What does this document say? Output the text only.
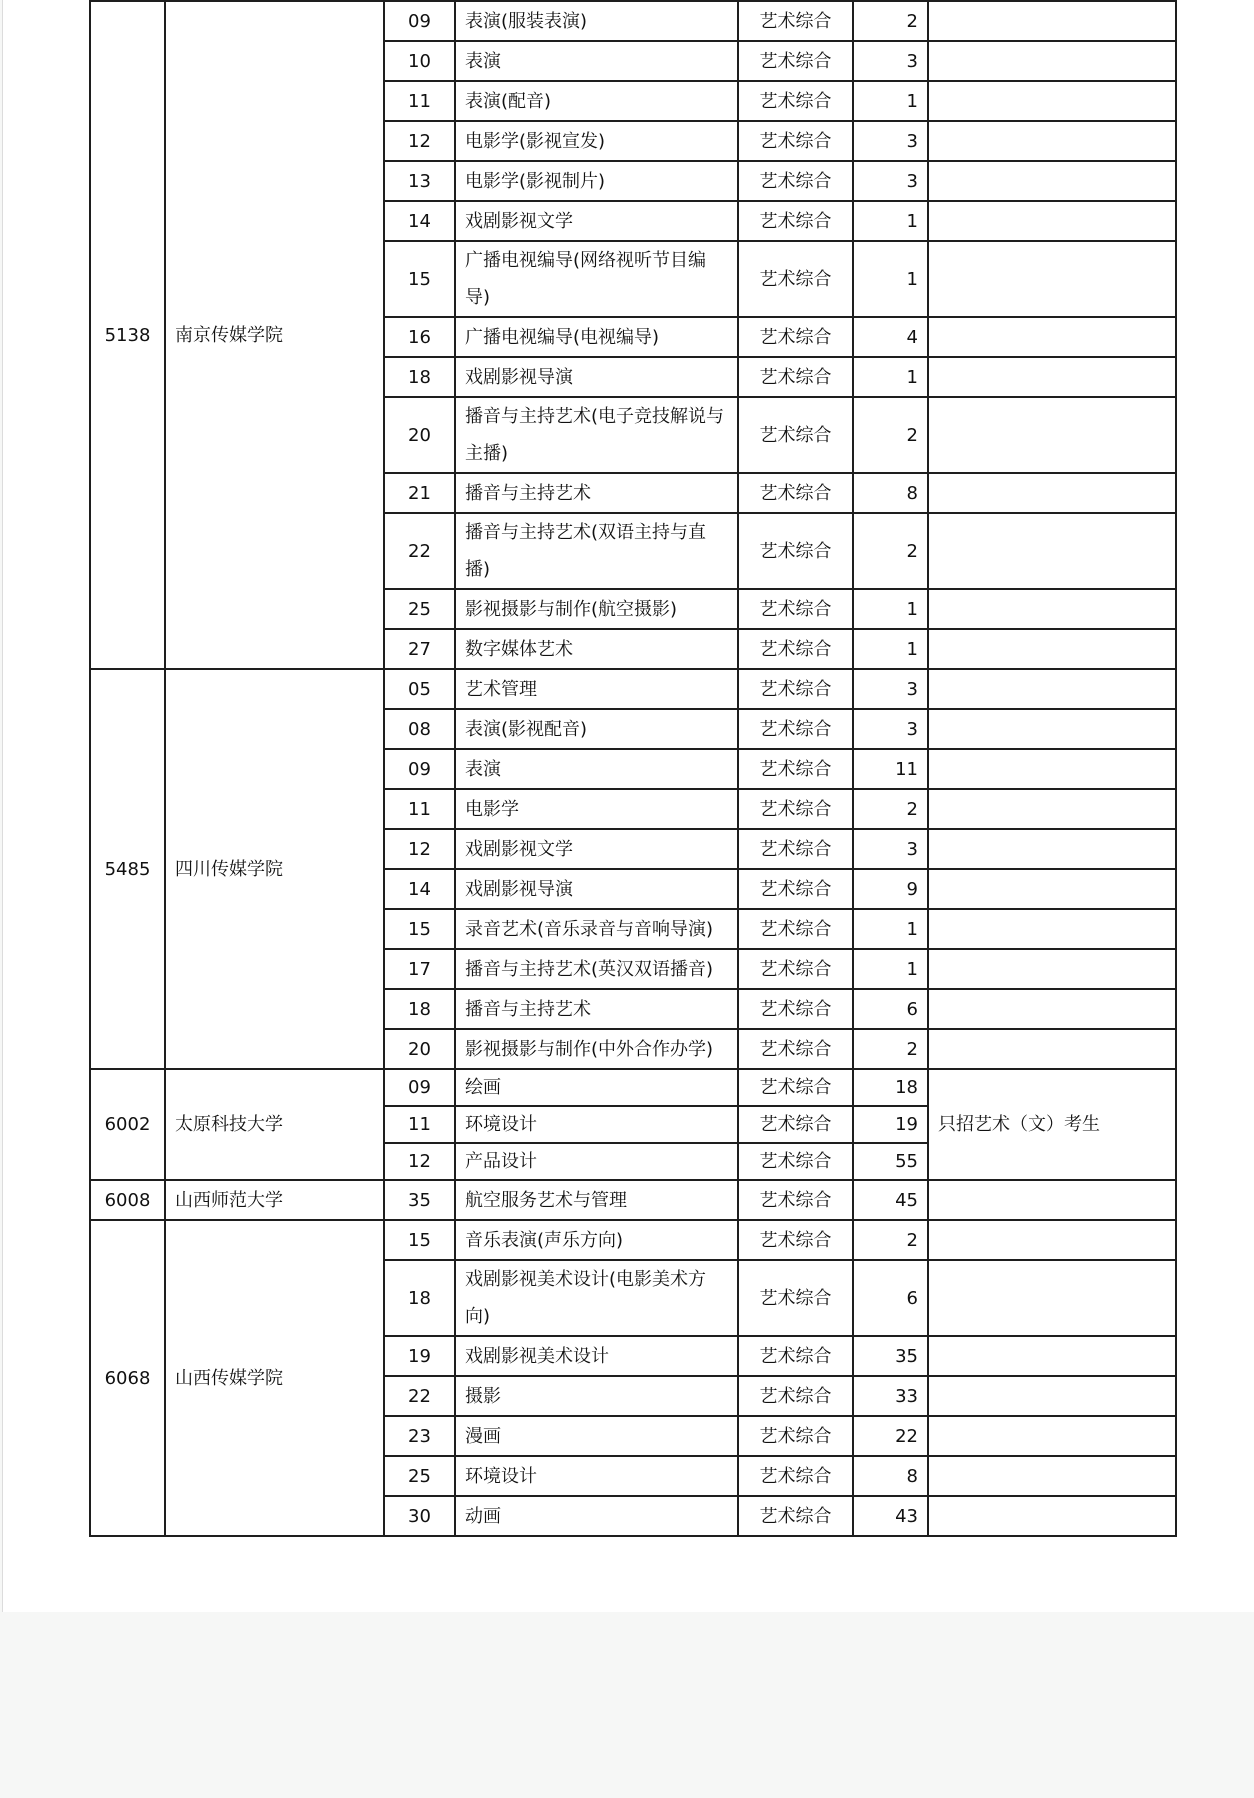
5138	南京传媒学院	09	表演(服装表演)	艺术综合	2	
		10	表演	艺术综合	3	
		11	表演(配音)	艺术综合	1	
		12	电影学(影视宣发)	艺术综合	3	
		13	电影学(影视制片)	艺术综合	3	
		14	戏剧影视文学	艺术综合	1	
		15	广播电视编导(网络视听节目编导)	艺术综合	1	
		16	广播电视编导(电视编导)	艺术综合	4	
		18	戏剧影视导演	艺术综合	1	
		20	播音与主持艺术(电子竞技解说与主播)	艺术综合	2	
		21	播音与主持艺术	艺术综合	8	
		22	播音与主持艺术(双语主持与直播)	艺术综合	2	
		25	影视摄影与制作(航空摄影)	艺术综合	1	
		27	数字媒体艺术	艺术综合	1	
5485	四川传媒学院	05	艺术管理	艺术综合	3	
		08	表演(影视配音)	艺术综合	3	
		09	表演	艺术综合	11	
		11	电影学	艺术综合	2	
		12	戏剧影视文学	艺术综合	3	
		14	戏剧影视导演	艺术综合	9	
		15	录音艺术(音乐录音与音响导演)	艺术综合	1	
		17	播音与主持艺术(英汉双语播音)	艺术综合	1	
		18	播音与主持艺术	艺术综合	6	
		20	影视摄影与制作(中外合作办学)	艺术综合	2	
6002	太原科技大学	09	绘画	艺术综合	18	只招艺术（文）考生
		11	环境设计	艺术综合	19	
		12	产品设计	艺术综合	55	
6008	山西师范大学	35	航空服务艺术与管理	艺术综合	45	
6068	山西传媒学院	15	音乐表演(声乐方向)	艺术综合	2	
		18	戏剧影视美术设计(电影美术方向)	艺术综合	6	
		19	戏剧影视美术设计	艺术综合	35	
		22	摄影	艺术综合	33	
		23	漫画	艺术综合	22	
		25	环境设计	艺术综合	8	
		30	动画	艺术综合	43	
